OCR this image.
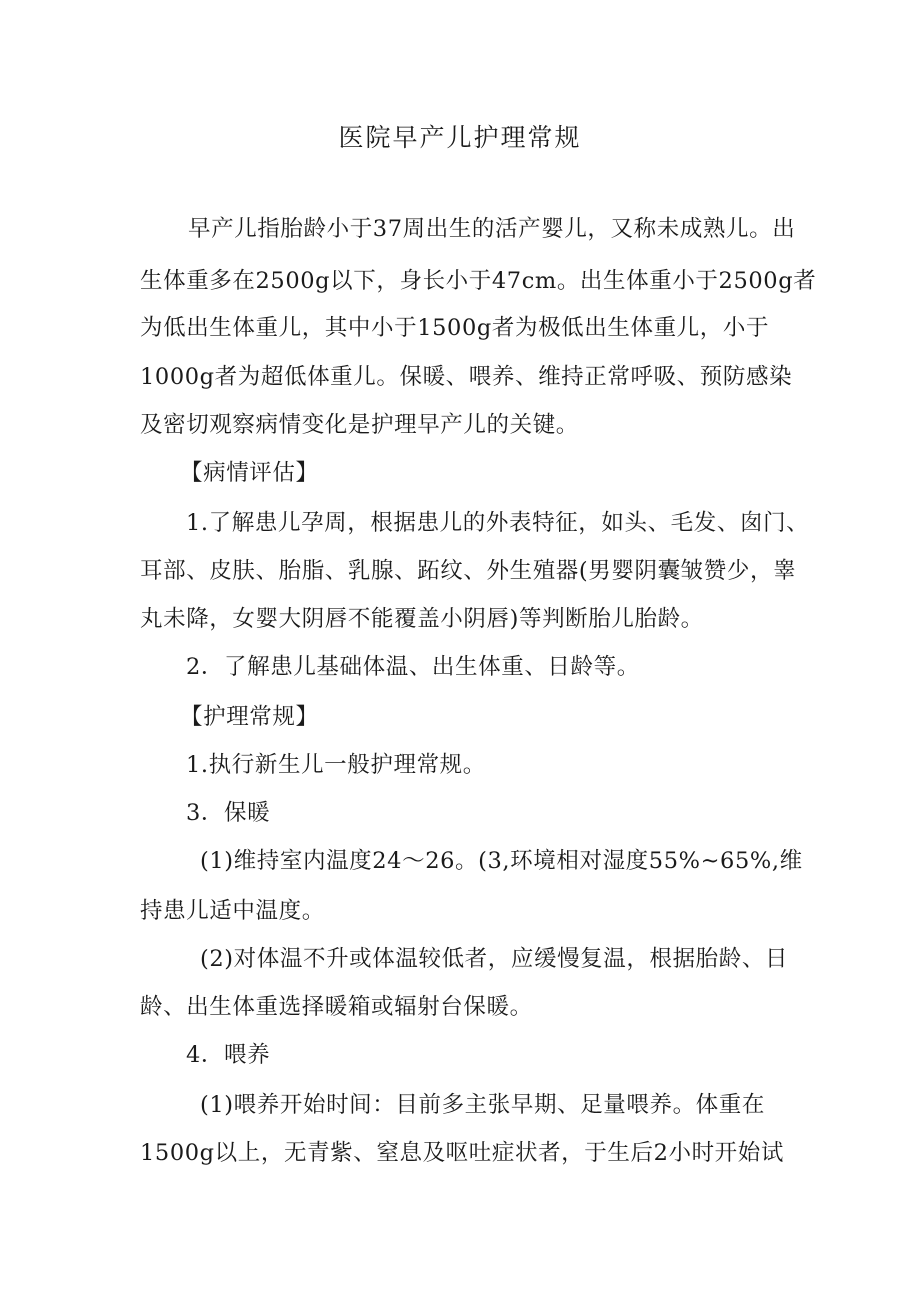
医院早产儿护理常规
早产儿指胎龄小于37周出生的活产婴儿，又称未成熟儿。出
生体重多在2500g以下，身长小于47cm。出生体重小于2500g者
为低出生体重儿，其中小于1500g者为极低出生体重儿，小于
1000g者为超低体重儿。保暖、喂养、维持正常呼吸、预防感染
及密切观察病情变化是护理早产儿的关键。
【病情评估】
1.了解患儿孕周，根据患儿的外表特征，如头、毛发、囱门、
耳部、皮肤、胎脂、乳腺、跖纹、外生殖器(男婴阴囊皱赞少，睾
丸未降，女婴大阴唇不能覆盖小阴唇)等判断胎儿胎龄。
2．了解患儿基础体温、出生体重、日龄等。
【护理常规】
1.执行新生儿一般护理常规。
3．保暖
(1)维持室内温度24～26。(3,环境相对湿度55%~65%,维
持患儿适中温度。
(2)对体温不升或体温较低者，应缓慢复温，根据胎龄、日
龄、出生体重选择暖箱或辐射台保暖。
4．喂养
(1)喂养开始时间：目前多主张早期、足量喂养。体重在
1500g以上，无青紫、窒息及呕吐症状者，于生后2小时开始试
